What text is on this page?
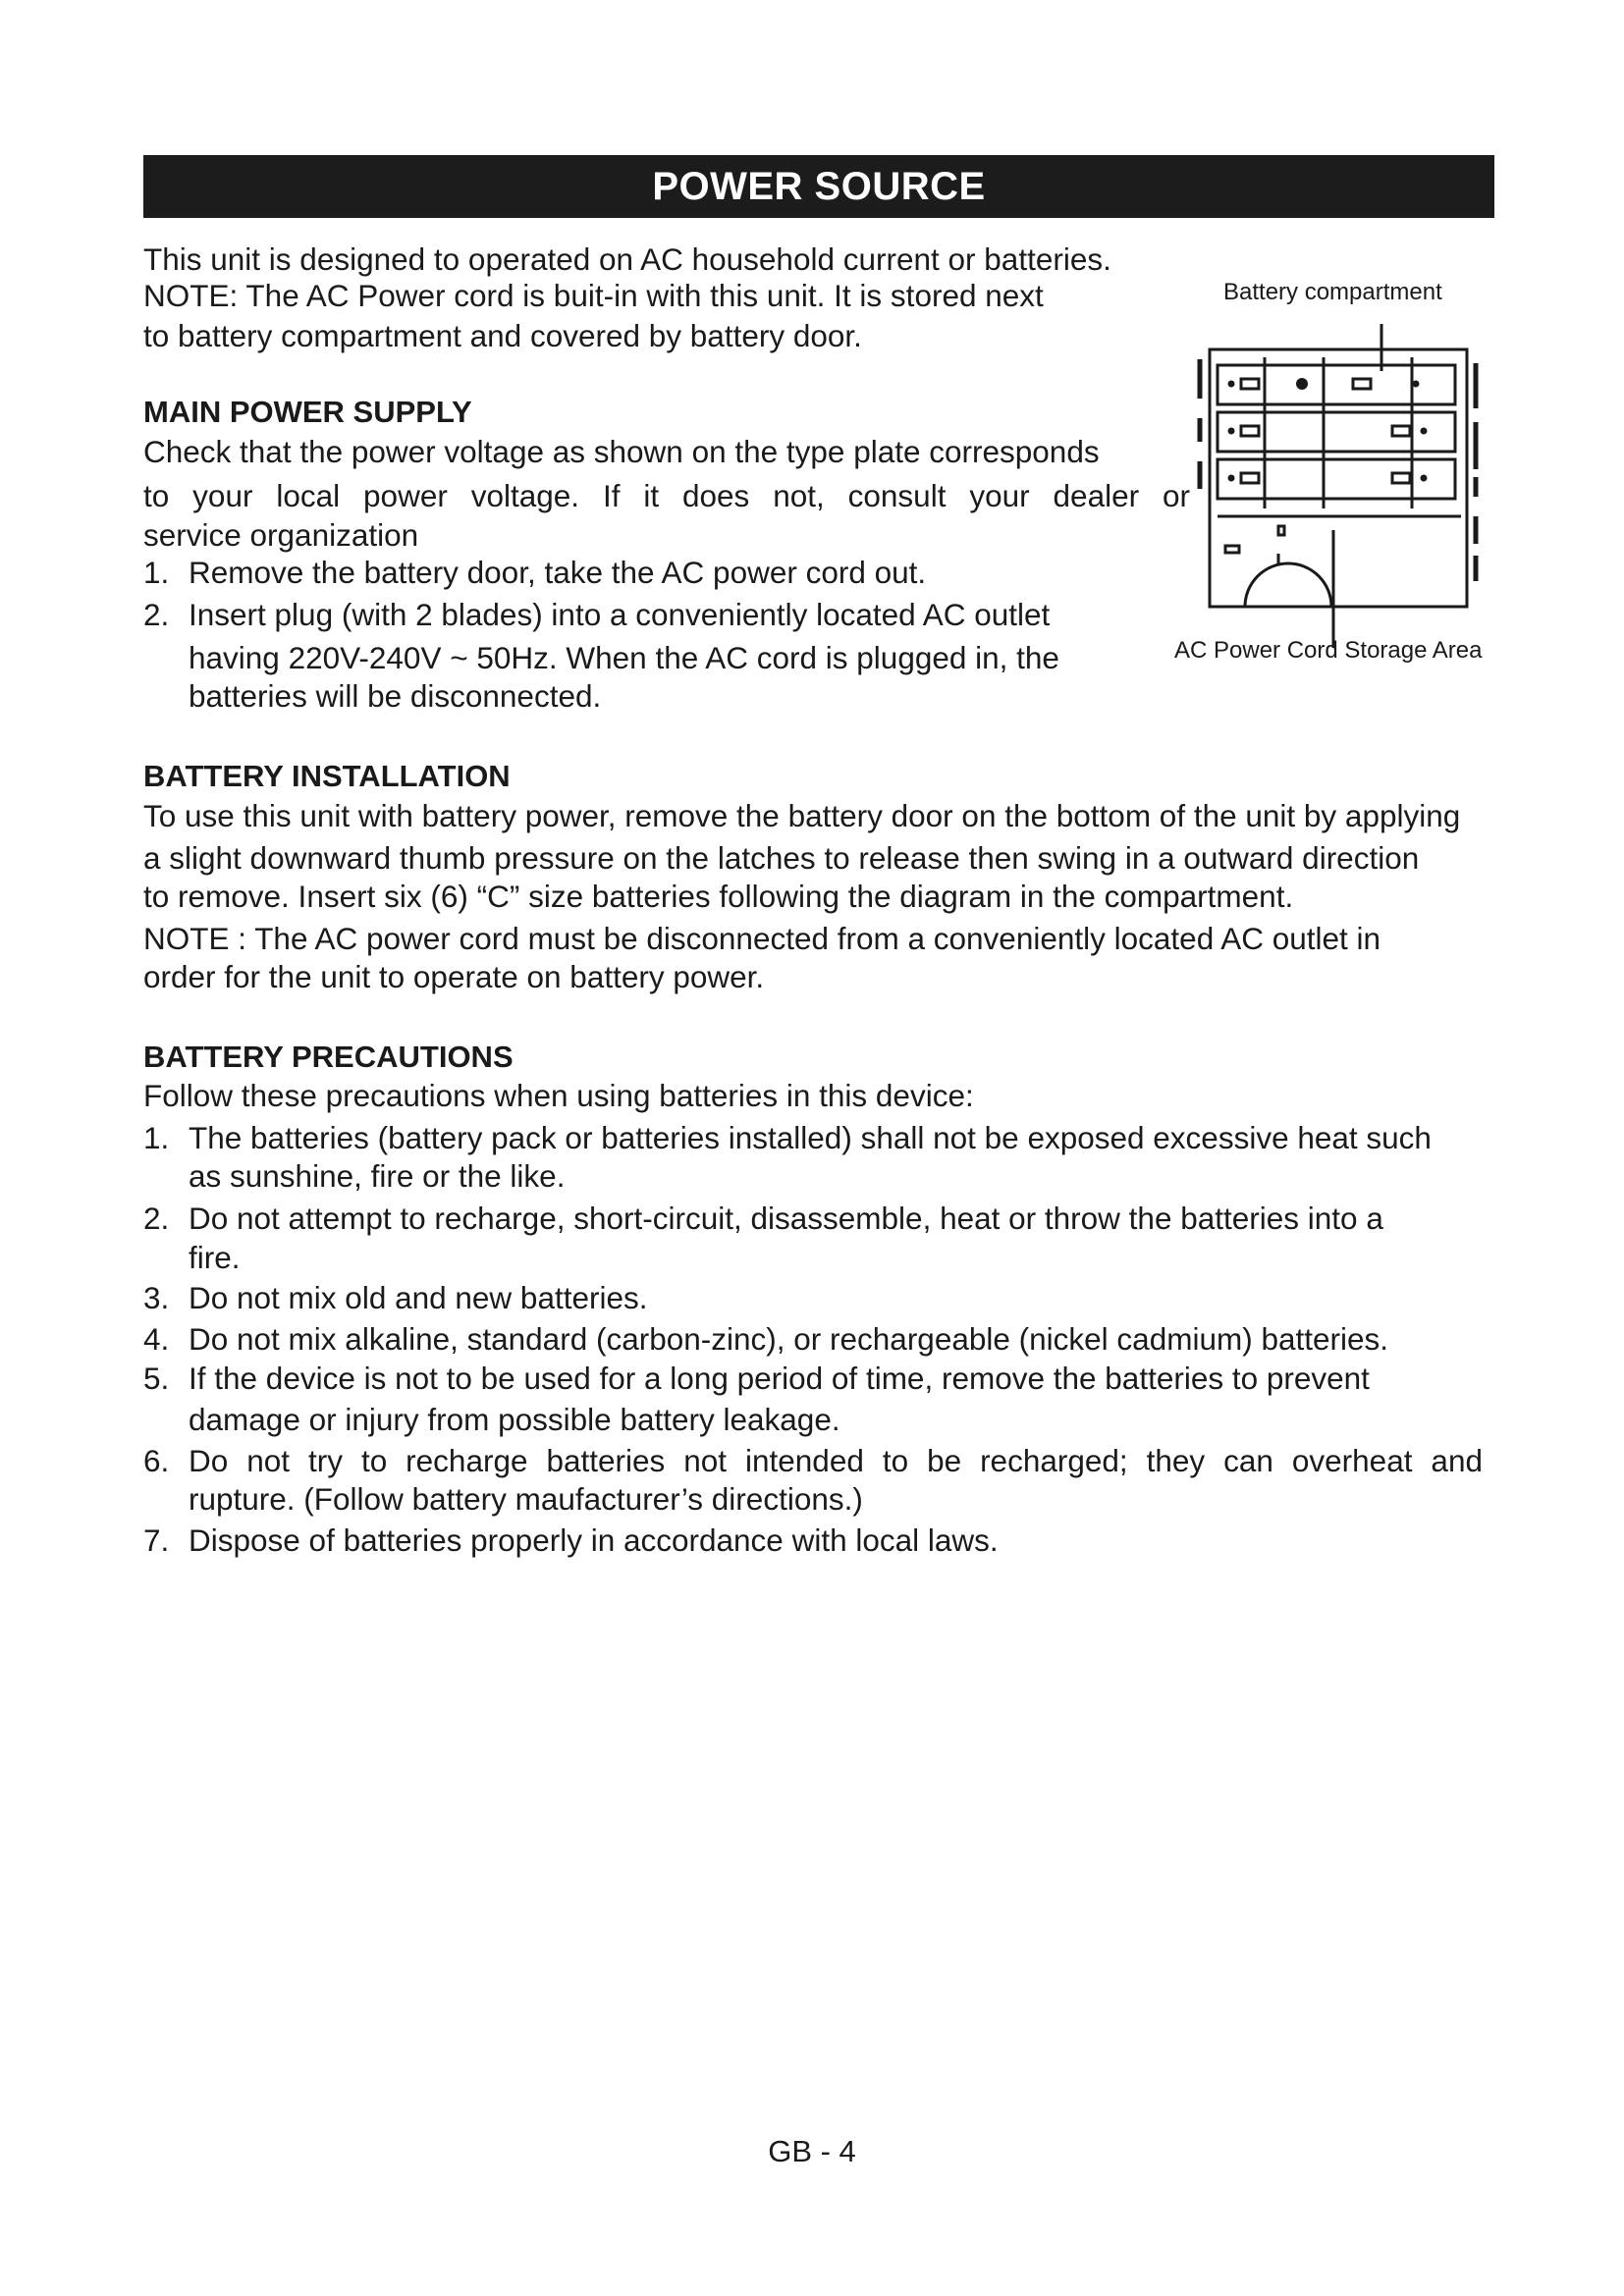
POWER SOURCE
This unit is designed to operated on AC household current or batteries.
NOTE: The AC Power cord is buit-in with this unit. It is stored next
to battery compartment and covered by battery door.
Battery compartment
AC Power Cord Storage Area
MAIN POWER SUPPLY
Check that the power voltage as shown on the type plate corresponds
to your local power voltage. If it does not, consult your dealer or
service organization
1. Remove the battery door, take the AC power cord out.
2. Insert plug (with 2 blades) into a conveniently located AC outlet
having 220V-240V ~ 50Hz. When the AC cord is plugged in, the
batteries will be disconnected.
BATTERY INSTALLATION
To use this unit with battery power, remove the battery door on the bottom of the unit by applying
a slight downward thumb pressure on the latches to release then swing in a outward direction
to remove. Insert six (6) “C” size batteries following the diagram in the compartment.
NOTE : The AC power cord must be disconnected from a conveniently located AC outlet in
order for the unit to operate on battery power.
BATTERY PRECAUTIONS
Follow these precautions when using batteries in this device:
1. The batteries (battery pack or batteries installed) shall not be exposed excessive heat such
as sunshine, fire or the like.
2. Do not attempt to recharge, short-circuit, disassemble, heat or throw the batteries into a
fire.
3. Do not mix old and new batteries.
4. Do not mix alkaline, standard (carbon-zinc), or rechargeable (nickel cadmium) batteries.
5. If the device is not to be used for a long period of time, remove the batteries to prevent
damage or injury from possible battery leakage.
6. Do not try to recharge batteries not intended to be recharged; they can overheat and
rupture. (Follow battery maufacturer’s directions.)
7. Dispose of batteries properly in accordance with local laws.
GB - 4
